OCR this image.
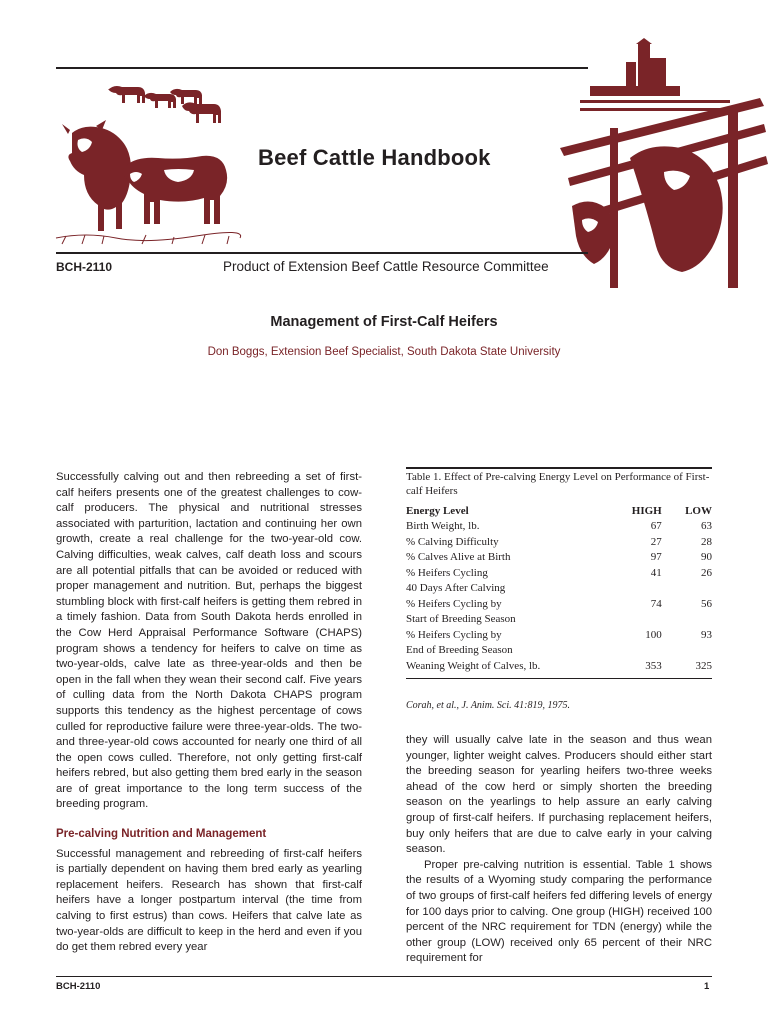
Beef Cattle Handbook
BCH-2110	Product of Extension Beef Cattle Resource Committee
Management of First-Calf Heifers
Don Boggs, Extension Beef Specialist, South Dakota State University

Successfully calving out and then rebreeding a set of first-calf heifers presents one of the greatest challenges to cow-calf producers. The physical and nutritional stresses associated with parturition, lactation and continuing her own growth, create a real challenge for the two-year-old cow. Calving difficulties, weak calves, calf death loss and scours are all potential pitfalls that can be avoided or reduced with proper management and nutrition. But, perhaps the biggest stumbling block with first-calf heifers is getting them rebred in a timely fashion. Data from South Dakota herds enrolled in the Cow Herd Appraisal Performance Software (CHAPS) program shows a tendency for heifers to calve on time as two-year-olds, calve late as three-year-olds and then be open in the fall when they wean their second calf. Five years of culling data from the North Dakota CHAPS program supports this tendency as the highest percentage of cows culled for reproductive failure were three-year-olds. The two- and three-year-old cows accounted for nearly one third of all the open cows culled. Therefore, not only getting first-calf heifers rebred, but also getting them bred early in the season are of great importance to the long term success of the breeding program.

Pre-calving Nutrition and Management

Successful management and rebreeding of first-calf heifers is partially dependent on having them bred early as yearling replacement heifers. Research has shown that first-calf heifers have a longer postpartum interval (the time from calving to first estrus) than cows. Heifers that calve late as two-year-olds are difficult to keep in the herd and even if you do get them rebred every year

Table 1. Effect of Pre-calving Energy Level on Performance of First-calf Heifers
Energy Level	HIGH	LOW
Birth Weight, lb.	67	63
% Calving Difficulty	27	28
% Calves Alive at Birth	97	90
% Heifers Cycling	41	26
40 Days After Calving		
% Heifers Cycling by	74	56
Start of Breeding Season		
% Heifers Cycling by	100	93
End of Breeding Season		
Weaning Weight of Calves, lb.	353	325
Corah, et al., J. Anim. Sci. 41:819, 1975.

they will usually calve late in the season and thus wean younger, lighter weight calves. Producers should either start the breeding season for yearling heifers two-three weeks ahead of the cow herd or simply shorten the breeding season on the yearlings to help assure an early calving group of first-calf heifers. If purchasing replacement heifers, buy only heifers that are due to calve early in your calving season.

Proper pre-calving nutrition is essential. Table 1 shows the results of a Wyoming study comparing the performance of two groups of first-calf heifers fed differing levels of energy for 100 days prior to calving. One group (HIGH) received 100 percent of the NRC requirement for TDN (energy) while the other group (LOW) received only 65 percent of their NRC requirement for

BCH-2110	1
